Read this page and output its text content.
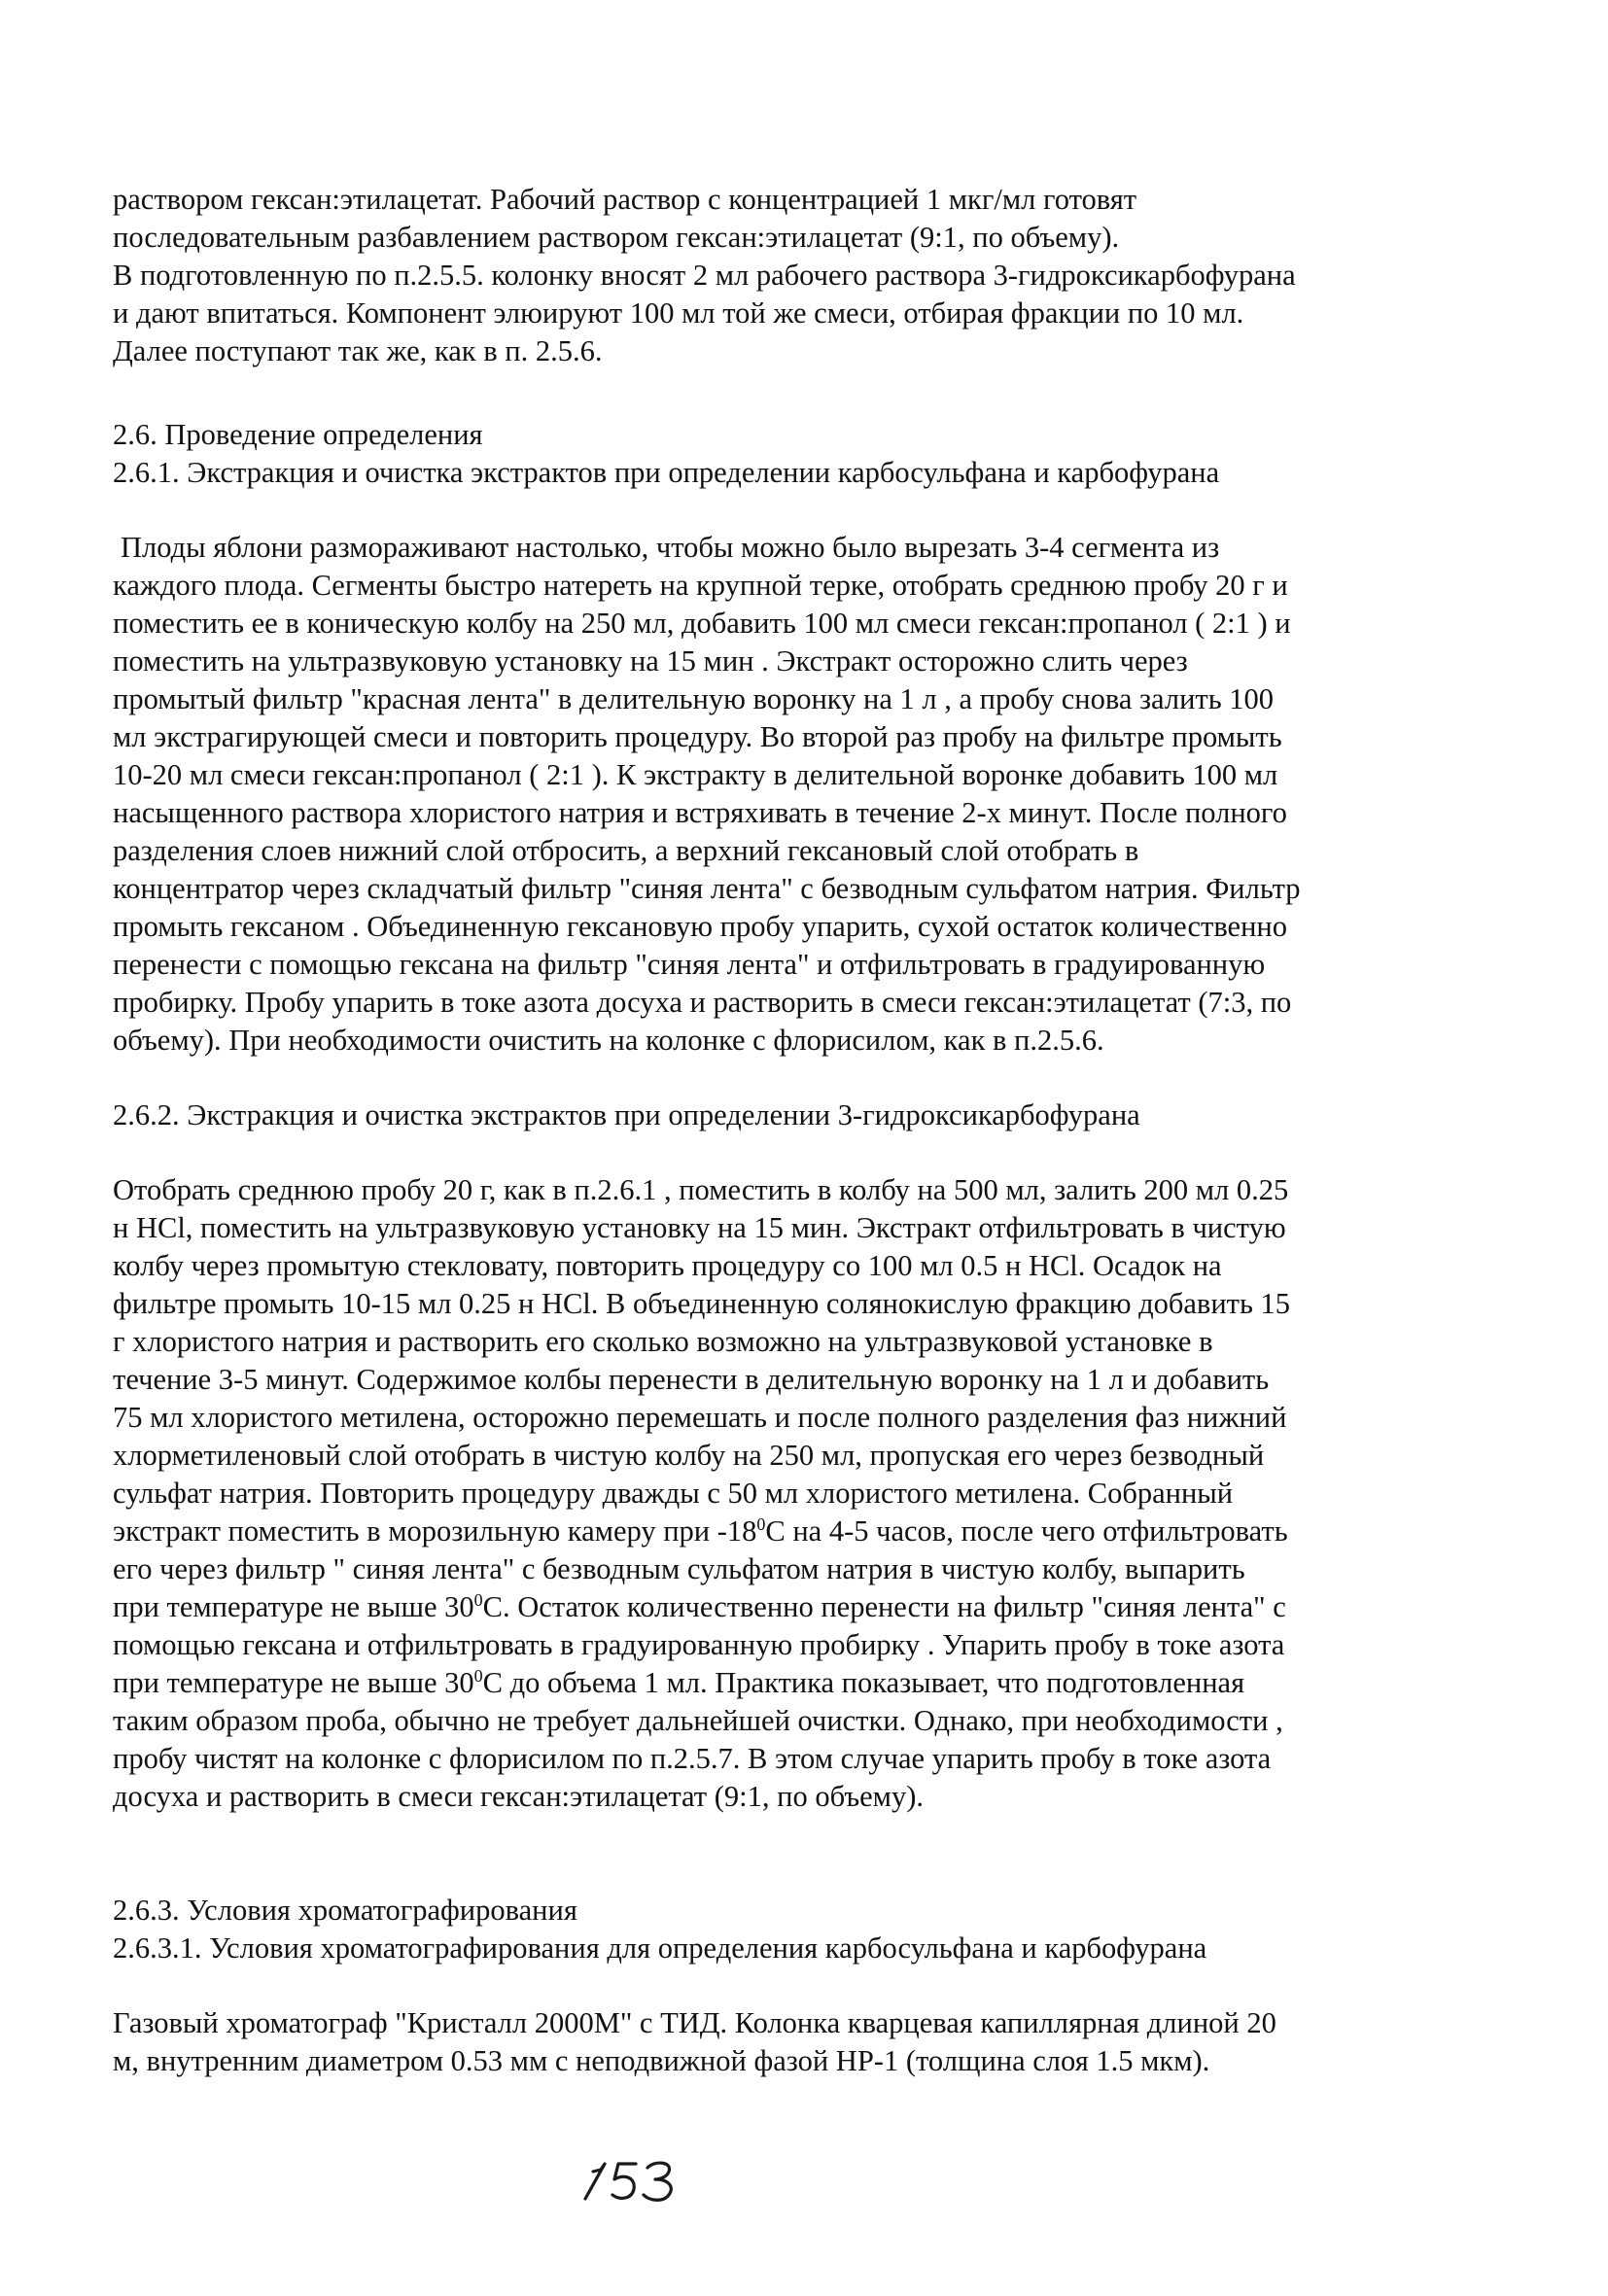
раствором гексан:этилацетат. Рабочий раствор с концентрацией 1 мкг/мл готовят
последовательным разбавлением раствором гексан:этилацетат (9:1, по объему).
В подготовленную по п.2.5.5. колонку вносят 2 мл рабочего раствора 3-гидроксикарбофурана
и дают впитаться. Компонент элюируют 100 мл той же смеси, отбирая фракции по 10 мл.
Далее поступают так же, как в п. 2.5.6.
2.6. Проведение определения
2.6.1. Экстракция и очистка экстрактов при определении карбосульфана и карбофурана
Плоды яблони размораживают настолько, чтобы можно было вырезать 3-4 сегмента из
каждого плода. Сегменты быстро натереть на крупной терке, отобрать среднюю пробу 20 г и
поместить ее в коническую колбу на 250 мл, добавить 100 мл смеси гексан:пропанол ( 2:1 ) и
поместить на ультразвуковую установку на 15 мин . Экстракт осторожно слить через
промытый фильтр "красная лента" в делительную воронку на 1 л , а пробу снова залить 100
мл экстрагирующей смеси и повторить процедуру. Во второй раз пробу на фильтре промыть
10-20 мл смеси гексан:пропанол ( 2:1 ). К экстракту в делительной воронке добавить 100 мл
насыщенного раствора хлористого натрия и встряхивать в течение 2-х минут. После полного
разделения слоев нижний слой отбросить, а верхний гексановый слой отобрать в
концентратор через складчатый фильтр "синяя лента" с безводным сульфатом натрия. Фильтр
промыть гексаном . Объединенную гексановую пробу упарить, сухой остаток количественно
перенести с помощью гексана на фильтр "синяя лента" и отфильтровать в градуированную
пробирку. Пробу упарить в токе азота досуха и растворить в смеси гексан:этилацетат (7:3, по
объему). При необходимости очистить на колонке с флорисилом, как в п.2.5.6.
2.6.2. Экстракция и очистка экстрактов при определении 3-гидроксикарбофурана
Отобрать среднюю пробу 20 г, как в п.2.6.1 , поместить в колбу на 500 мл, залить 200 мл 0.25
н HCl, поместить на ультразвуковую установку на 15 мин. Экстракт отфильтровать в чистую
колбу через промытую стекловату, повторить процедуру со 100 мл 0.5 н HCl. Осадок на
фильтре промыть 10-15 мл 0.25 н HCl. В объединенную солянокислую фракцию добавить 15
г хлористого натрия и растворить его сколько возможно на ультразвуковой установке в
течение 3-5 минут. Содержимое колбы перенести в делительную воронку на 1 л и добавить
75 мл хлористого метилена, осторожно перемешать и после полного разделения фаз нижний
хлорметиленовый слой отобрать в чистую колбу на 250 мл, пропуская его через безводный
сульфат натрия. Повторить процедуру дважды с 50 мл хлористого метилена. Собранный
экстракт поместить в морозильную камеру при $-18^0С$ на 4-5 часов, после чего отфильтровать
его через фильтр " синяя лента" с безводным сульфатом натрия в чистую колбу, выпарить
при температуре не выше $30^0С$. Остаток количественно перенести на фильтр "синяя лента" с
помощью гексана и отфильтровать в градуированную пробирку . Упарить пробу в токе азота
при температуре не выше $30^0С$ до объема 1 мл. Практика показывает, что подготовленная
таким образом проба, обычно не требует дальнейшей очистки. Однако, при необходимости ,
пробу чистят на колонке с флорисилом по п.2.5.7. В этом случае упарить пробу в токе азота
досуха и растворить в смеси гексан:этилацетат (9:1, по объему).
2.6.3. Условия хроматографирования
2.6.3.1. Условия хроматографирования для определения карбосульфана и карбофурана
Газовый хроматограф "Кристалл 2000М" с ТИД. Колонка кварцевая капиллярная длиной 20
м, внутренним диаметром 0.53 мм с неподвижной фазой HP-1 (толщина слоя 1.5 мкм).
